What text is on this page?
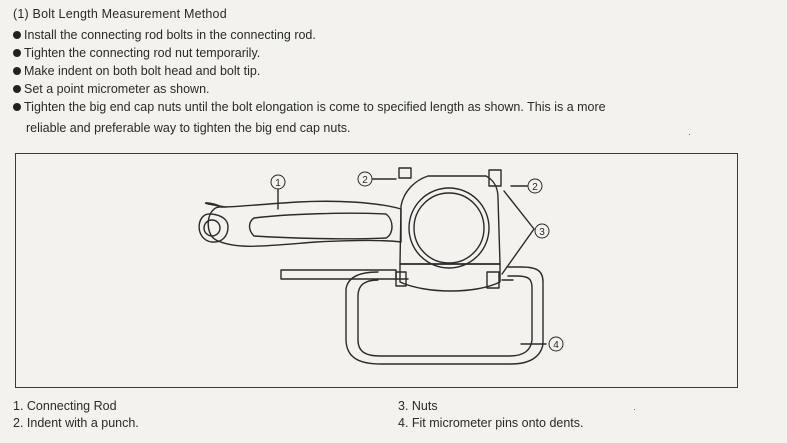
(1) Bolt Length Measurement Method
Install the connecting rod bolts in the connecting rod.
Tighten the connecting rod nut temporarily.
Make indent on both bolt head and bolt tip.
Set a point micrometer as shown.
Tighten the big end cap nuts until the bolt elongation is come to specified length as shown. This is a more
reliable and preferable way to tighten the big end cap nuts.
1	2
2
3
4
1. Connecting Rod
2. Indent with a punch.
3. Nuts
4. Fit micrometer pins onto dents.
·
·
